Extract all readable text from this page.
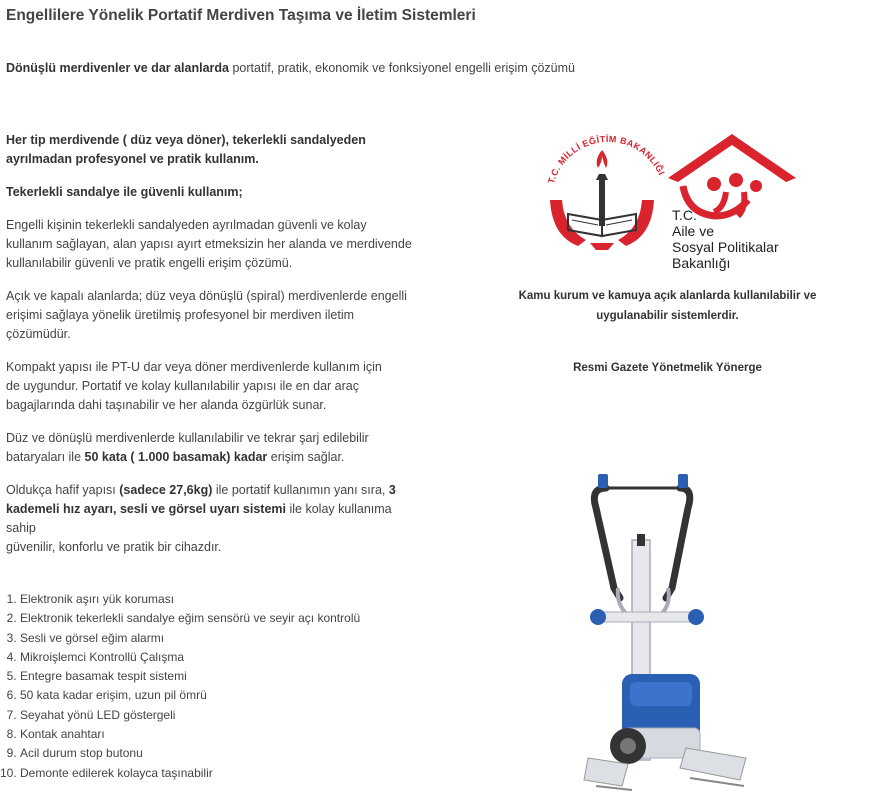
Engellilere Yönelik Portatif Merdiven Taşıma ve İletim Sistemleri
Dönüşlü merdivenler ve dar alanlarda portatif, pratik, ekonomik ve fonksiyonel engelli erişim çözümü

Her tip merdivende ( düz veya döner), tekerlekli sandalyeden
ayrılmadan profesyonel ve pratik kullanım.

Tekerlekli sandalye ile güvenli kullanım;

Engelli kişinin tekerlekli sandalyeden ayrılmadan güvenli ve kolay
kullanım sağlayan, alan yapısı ayırt etmeksizin her alanda ve merdivende
kullanılabilir güvenli ve pratik engelli erişim çözümü.

Açık ve kapalı alanlarda; düz veya dönüşlü (spiral) merdivenlerde engelli
erişimi sağlaya yönelik üretilmiş profesyonel bir merdiven iletim
çözümüdür.

Kompakt yapısı ile PT-U dar veya döner merdivenlerde kullanım için
de uygundur. Portatif ve kolay kullanılabilir yapısı ile en dar araç
bagajlarında dahi taşınabilir ve her alanda özgürlük sunar.

Düz ve dönüşlü merdivenlerde kullanılabilir ve tekrar şarj edilebilir
bataryaları ile 50 kata ( 1.000 basamak) kadar erişim sağlar.

Oldukça hafif yapısı (sadece 27,6kg) ile portatif kullanımın yanı sıra, 3
kademeli hız ayarı, sesli ve görsel uyarı sistemi ile kolay kullanıma sahip
güvenilir, konforlu ve pratik bir cihazdır.

1. Elektronik aşırı yük koruması
2. Elektronik tekerlekli sandalye eğim sensörü ve seyir açı kontrolü
3. Sesli ve görsel eğim alarmı
4. Mikroişlemci Kontrollü Çalışma
5. Entegre basamak tespit sistemi
6. 50 kata kadar erişim, uzun pil ömrü
7. Seyahat yönü LED göstergeli
8. Kontak anahtarı
9. Acil durum stop butonu
10. Demonte edilerek kolayca taşınabilir
T.C. MİLLİ EĞİTİM BAKANLIĞI
T.C.
Aile ve
Sosyal Politikalar
Bakanlığı
Kamu kurum ve kamuya açık alanlarda kullanılabilir ve
uygulanabilir sistemlerdir.
Resmi Gazete Yönetmelik Yönerge
